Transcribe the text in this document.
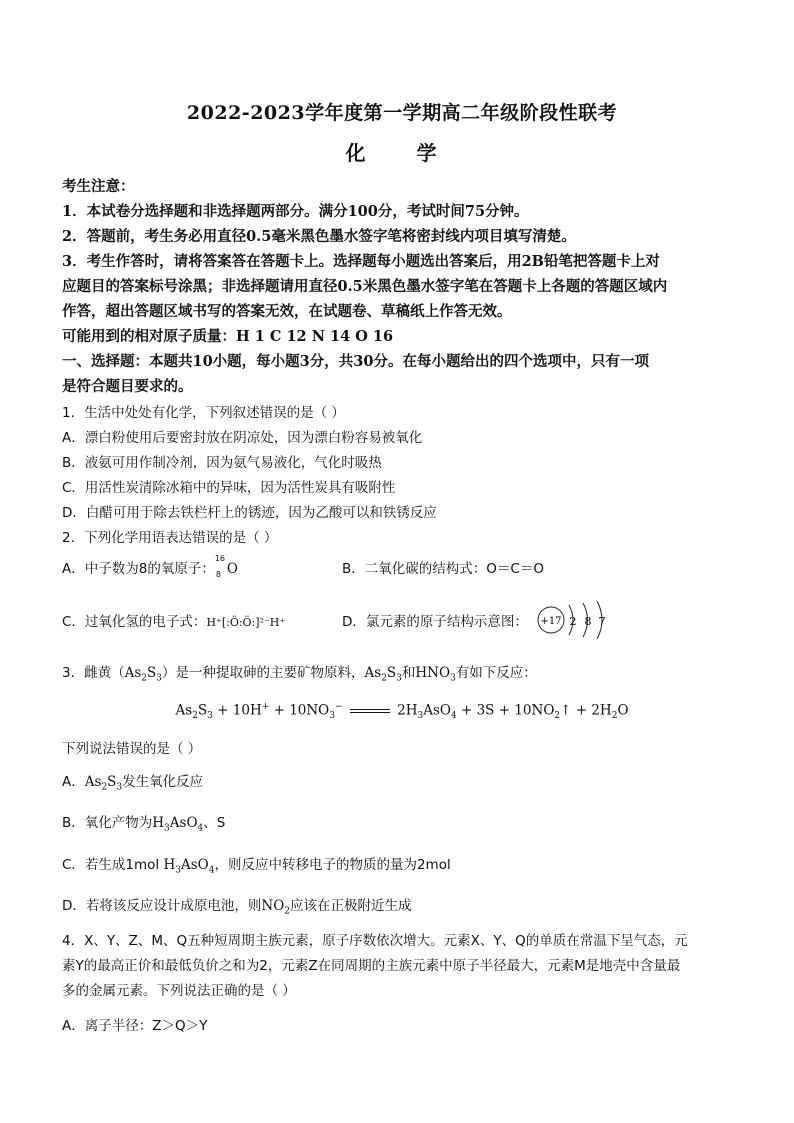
2022-2023学年度第一学期高二年级阶段性联考
化 学
考生注意：
1．本试卷分选择题和非选择题两部分。满分100分，考试时间75分钟。
2．答题前，考生务必用直径0.5毫米黑色墨水签字笔将密封线内项目填写清楚。
3．考生作答时，请将答案答在答题卡上。选择题每小题选出答案后，用2B铅笔把答题卡上对
应题目的答案标号涂黑；非选择题请用直径0.5米黑色墨水签字笔在答题卡上各题的答题区域内
作答，超出答题区域书写的答案无效，在试题卷、草稿纸上作答无效。
可能用到的相对原子质量：H 1 C 12 N 14 O 16
一、选择题：本题共10小题，每小题3分，共30分。在每小题给出的四个选项中，只有一项
是符合题目要求的。
1．生活中处处有化学，下列叙述错误的是（ ）
A．漂白粉使用后要密封放在阴凉处，因为漂白粉容易被氧化
B．液氨可用作制冷剂，因为氨气易液化，气化时吸热
C．用活性炭清除冰箱中的异味，因为活性炭具有吸附性
D．白醋可用于除去铁栏杆上的锈迹，因为乙酸可以和铁锈反应
2．下列化学用语表达错误的是（ ）
A．中子数为8的氧原子：
16
8 O	B．二氧化碳的结构式：O＝C＝O
C．过氧化氢的电子式：H⁺[:Ö:Ö:]²⁻H⁺	D．氯元素的原子结构示意图： +17 2 8 7
3．雌黄$(As_2S_3)$是一种提取砷的主要矿物原料，$As_2S_3$和$HNO_3$有如下反应：
$As_2S_3 + 10H^+ + 10NO_3^-$	$2H_3AsO_4 + 3S$ + $10NO_2↑ + 2H_2O$
下列说法错误的是（ ）
A．$As_2S_3$发生氧化反应
B．氧化产物为$H_3AsO_4$、S
C．若生成1mol $H_3AsO_4$，则反应中转移电子的物质的量为2mol
D．若将该反应设计成原电池，则$NO_2$应该在正极附近生成
4．X、Y、Z、M、Q五种短周期主族元素，原子序数依次增大。元素X、Y、Q的单质在常温下呈气态，元
素Y的最高正价和最低负价之和为2，元素Z在同周期的主族元素中原子半径最大，元素M是地壳中含量最
多的金属元素。下列说法正确的是（ ）
A．离子半径：Z＞Q＞Y
